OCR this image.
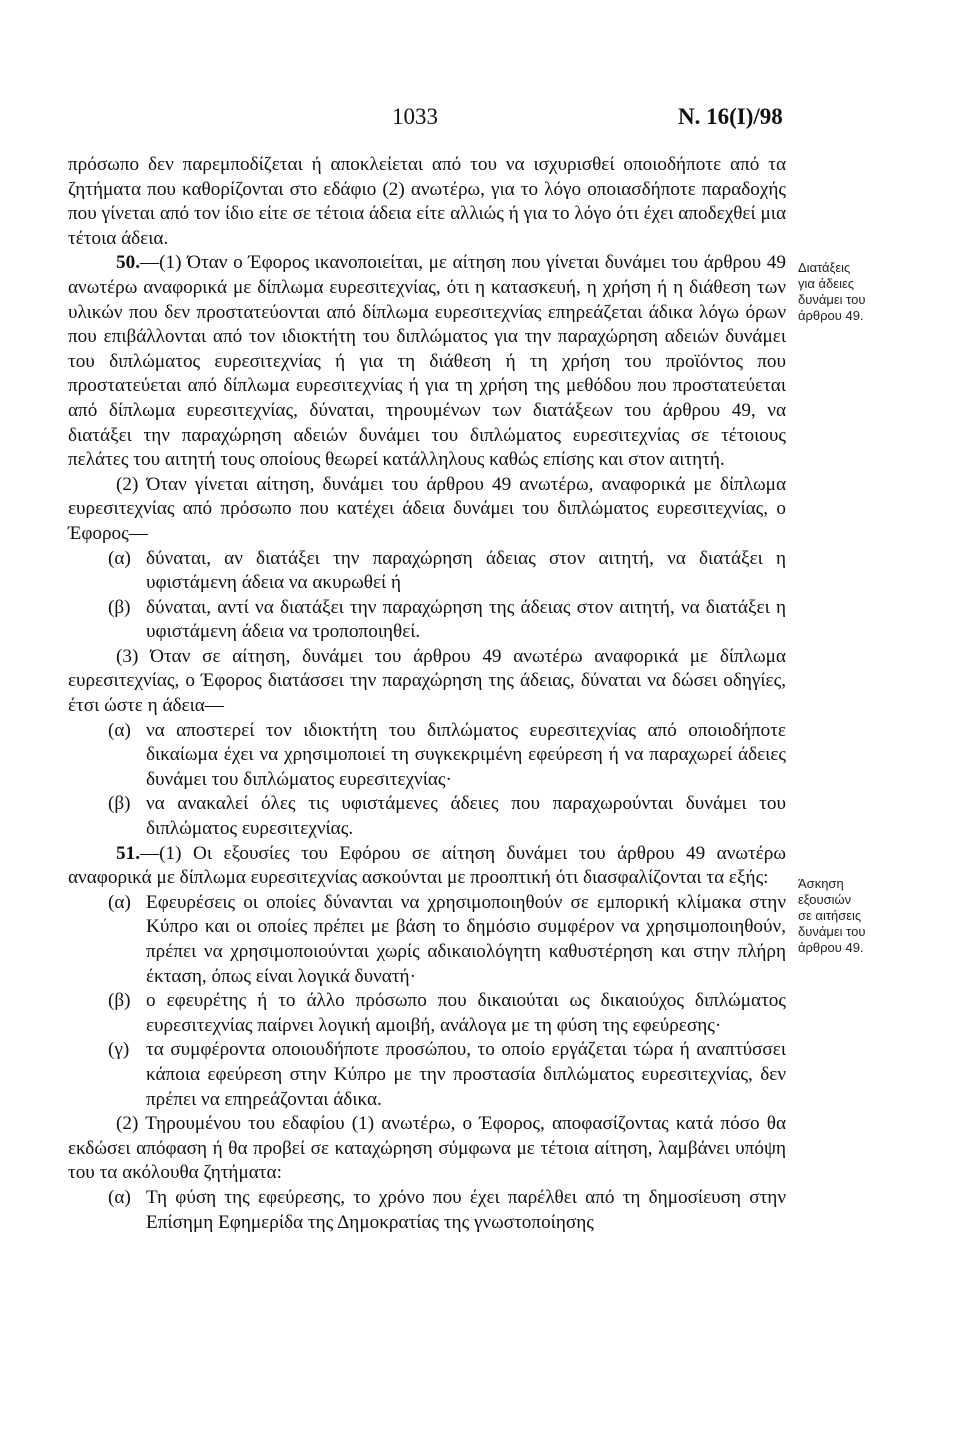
1033	Ν. 16(Ι)/98

πρόσωπο δεν παρεμποδίζεται ή αποκλείεται από του να ισχυρισθεί οποιοδήποτε από τα ζητήματα που καθορίζονται στο εδάφιο (2) ανωτέρω, για το λόγο οποιασδήποτε παραδοχής που γίνεται από τον ίδιο είτε σε τέτοια άδεια είτε αλλιώς ή για το λόγο ότι έχει αποδεχθεί μια τέτοια άδεια.

50.—(1) Όταν ο Έφορος ικανοποιείται, με αίτηση που γίνεται δυνάμει του άρθρου 49 ανωτέρω αναφορικά με δίπλωμα ευρεσιτεχνίας, ότι η κατασκευή, η χρήση ή η διάθεση των υλικών που δεν προστατεύονται από δίπλωμα ευρεσιτεχνίας επηρεάζεται άδικα λόγω όρων που επιβάλλονται από τον ιδιοκτήτη του διπλώματος για την παραχώρηση αδειών δυνάμει του διπλώματος ευρεσιτεχνίας ή για τη διάθεση ή τη χρήση του προϊόντος που προστατεύεται από δίπλωμα ευρεσιτεχνίας ή για τη χρήση της μεθόδου που προστατεύεται από δίπλωμα ευρεσιτεχνίας, δύναται, τηρουμένων των διατάξεων του άρθρου 49, να διατάξει την παραχώρηση αδειών δυνάμει του διπλώματος ευρεσιτεχνίας σε τέτοιους πελάτες του αιτητή τους οποίους θεωρεί κατάλληλους καθώς επίσης και στον αιτητή.

(2) Όταν γίνεται αίτηση, δυνάμει του άρθρου 49 ανωτέρω, αναφορικά με δίπλωμα ευρεσιτεχνίας από πρόσωπο που κατέχει άδεια δυνάμει του διπλώματος ευρεσιτεχνίας, ο Έφορος—

(α) δύναται, αν διατάξει την παραχώρηση άδειας στον αιτητή, να διατάξει η υφιστάμενη άδεια να ακυρωθεί ή
(β) δύναται, αντί να διατάξει την παραχώρηση της άδειας στον αιτητή, να διατάξει η υφιστάμενη άδεια να τροποποιηθεί.

(3) Όταν σε αίτηση, δυνάμει του άρθρου 49 ανωτέρω αναφορικά με δίπλωμα ευρεσιτεχνίας, ο Έφορος διατάσσει την παραχώρηση της άδειας, δύναται να δώσει οδηγίες, έτσι ώστε η άδεια—

(α) να αποστερεί τον ιδιοκτήτη του διπλώματος ευρεσιτεχνίας από οποιοδήποτε δικαίωμα έχει να χρησιμοποιεί τη συγκεκριμένη εφεύρεση ή να παραχωρεί άδειες δυνάμει του διπλώματος ευρεσιτεχνίας·
(β) να ανακαλεί όλες τις υφιστάμενες άδειες που παραχωρούνται δυνάμει του διπλώματος ευρεσιτεχνίας.

51.—(1) Οι εξουσίες του Εφόρου σε αίτηση δυνάμει του άρθρου 49 ανωτέρω αναφορικά με δίπλωμα ευρεσιτεχνίας ασκούνται με προοπτική ότι διασφαλίζονται τα εξής:

(α) Εφευρέσεις οι οποίες δύνανται να χρησιμοποιηθούν σε εμπορική κλίμακα στην Κύπρο και οι οποίες πρέπει με βάση το δημόσιο συμφέρον να χρησιμοποιηθούν, πρέπει να χρησιμοποιούνται χωρίς αδικαιολόγητη καθυστέρηση και στην πλήρη έκταση, όπως είναι λογικά δυνατή·
(β) ο εφευρέτης ή το άλλο πρόσωπο που δικαιούται ως δικαιούχος διπλώματος ευρεσιτεχνίας παίρνει λογική αμοιβή, ανάλογα με τη φύση της εφεύρεσης·
(γ) τα συμφέροντα οποιουδήποτε προσώπου, το οποίο εργάζεται τώρα ή αναπτύσσει κάποια εφεύρεση στην Κύπρο με την προστασία διπλώματος ευρεσιτεχνίας, δεν πρέπει να επηρεάζονται άδικα.

(2) Τηρουμένου του εδαφίου (1) ανωτέρω, ο Έφορος, αποφασίζοντας κατά πόσο θα εκδώσει απόφαση ή θα προβεί σε καταχώρηση σύμφωνα με τέτοια αίτηση, λαμβάνει υπόψη του τα ακόλουθα ζητήματα:

(α) Τη φύση της εφεύρεσης, το χρόνο που έχει παρέλθει από τη δημοσίευση στην Επίσημη Εφημερίδα της Δημοκρατίας της γνωστοποίησης
Διατάξεις
για άδειες
δυνάμει του
άρθρου 49.
Άσκηση
εξουσιών
σε αιτήσεις
δυνάμει του
άρθρου 49.
